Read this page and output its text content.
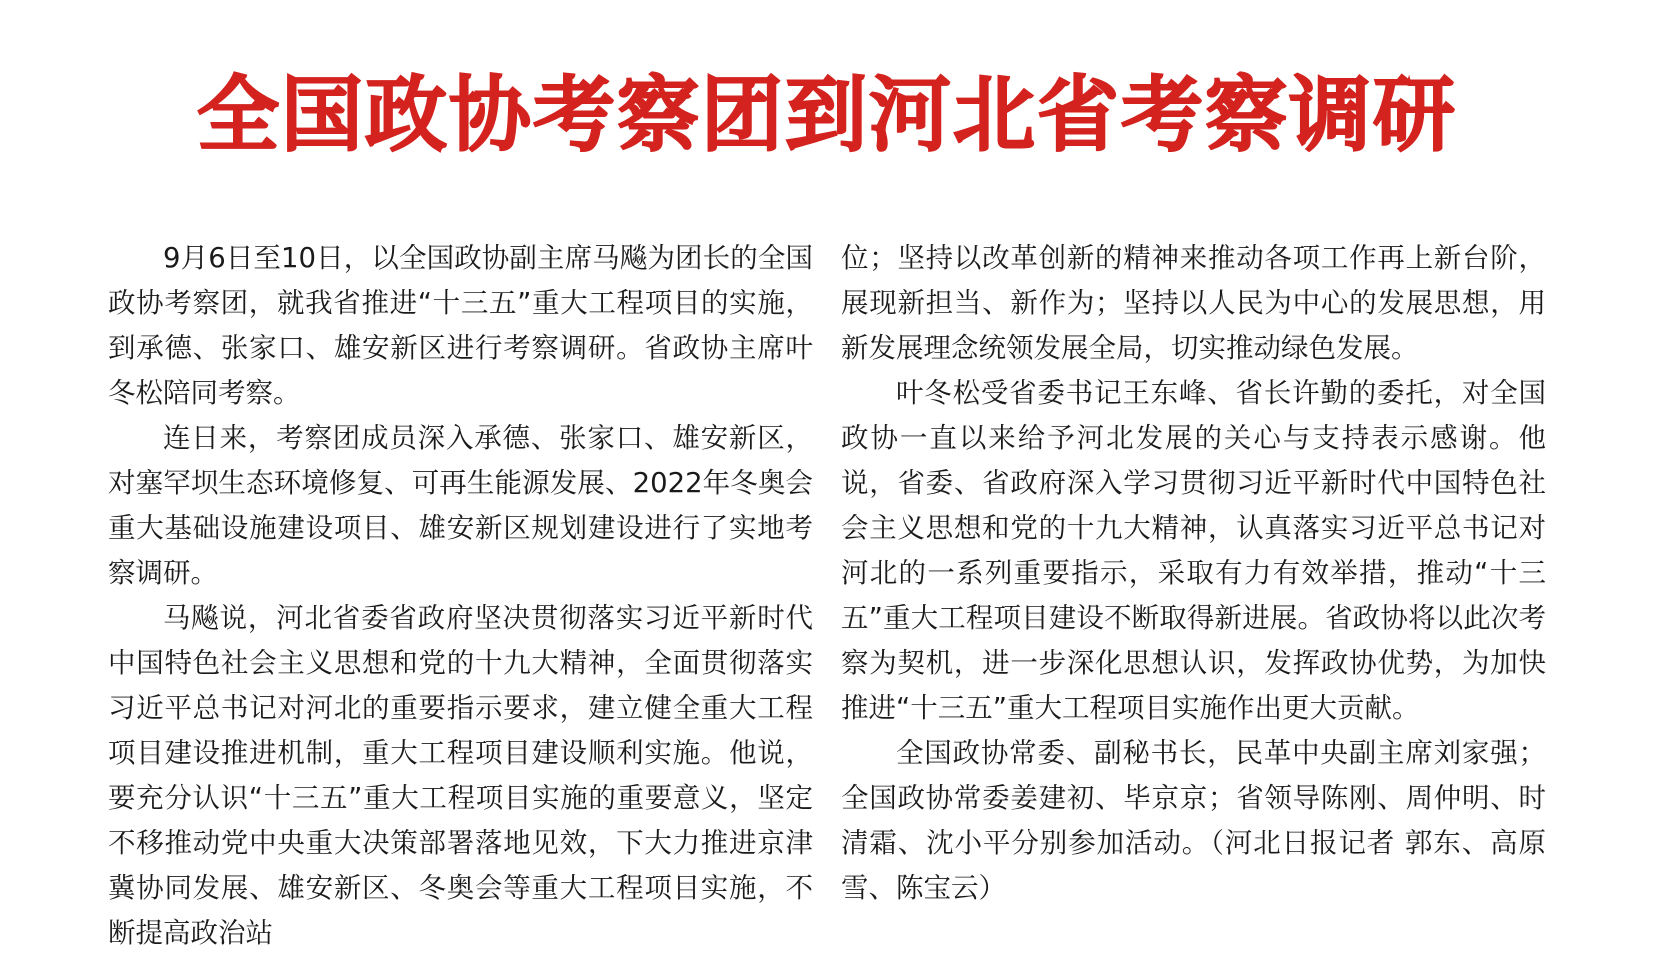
全国政协考察团到河北省考察调研

9月6日至10日，以全国政协副主席马飚为团长的全国政协考察团，就我省推进“十三五”重大工程项目的实施，到承德、张家口、雄安新区进行考察调研。省政协主席叶冬松陪同考察。

连日来，考察团成员深入承德、张家口、雄安新区，对塞罕坝生态环境修复、可再生能源发展、2022年冬奥会重大基础设施建设项目、雄安新区规划建设进行了实地考察调研。

马飚说，河北省委省政府坚决贯彻落实习近平新时代中国特色社会主义思想和党的十九大精神，全面贯彻落实习近平总书记对河北的重要指示要求，建立健全重大工程项目建设推进机制，重大工程项目建设顺利实施。他说，要充分认识“十三五”重大工程项目实施的重要意义，坚定不移推动党中央重大决策部署落地见效，下大力推进京津冀协同发展、雄安新区、冬奥会等重大工程项目实施，不断提高政治站

位；坚持以改革创新的精神来推动各项工作再上新台阶，展现新担当、新作为；坚持以人民为中心的发展思想，用新发展理念统领发展全局，切实推动绿色发展。

叶冬松受省委书记王东峰、省长许勤的委托，对全国政协一直以来给予河北发展的关心与支持表示感谢。他说，省委、省政府深入学习贯彻习近平新时代中国特色社会主义思想和党的十九大精神，认真落实习近平总书记对河北的一系列重要指示，采取有力有效举措，推动“十三五”重大工程项目建设不断取得新进展。省政协将以此次考察为契机，进一步深化思想认识，发挥政协优势，为加快推进“十三五”重大工程项目实施作出更大贡献。

全国政协常委、副秘书长，民革中央副主席刘家强；全国政协常委姜建初、毕京京；省领导陈刚、周仲明、时清霜、沈小平分别参加活动。（河北日报记者 郭东、高原雪、陈宝云）
